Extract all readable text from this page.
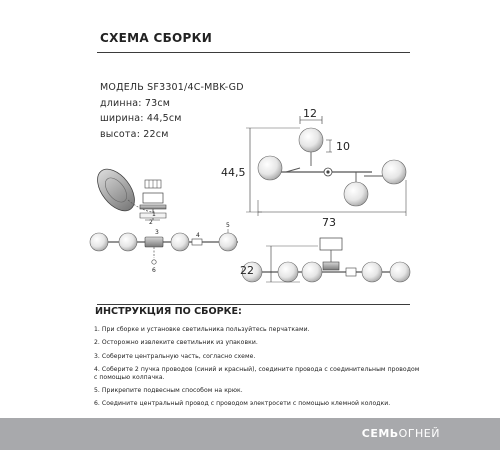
СХЕМА СБОРКИ
МОДЕЛЬ SF3301/4C-MBK-GD
длинна: 73см
ширина: 44,5см
высота: 22см
1
2
3
6
4
5
12
10
44,5
73
22
ИНСТРУКЦИЯ ПО СБОРКЕ:
1. При сборке и установке светильника пользуйтесь перчатками.
2. Осторожно извлеките светильник из упаковки.
3. Соберите центральную часть, согласно схеме.
4. Соберите 2 пучка проводов (синий и красный), соедините провода с соединительным проводом с помощью колпачка.
5. Прикрепите подвесным способом на крюк.
6. Соедините центральный провод с проводом электросети с помощью клемной колодки.
СЕМЬОГНЕЙ
